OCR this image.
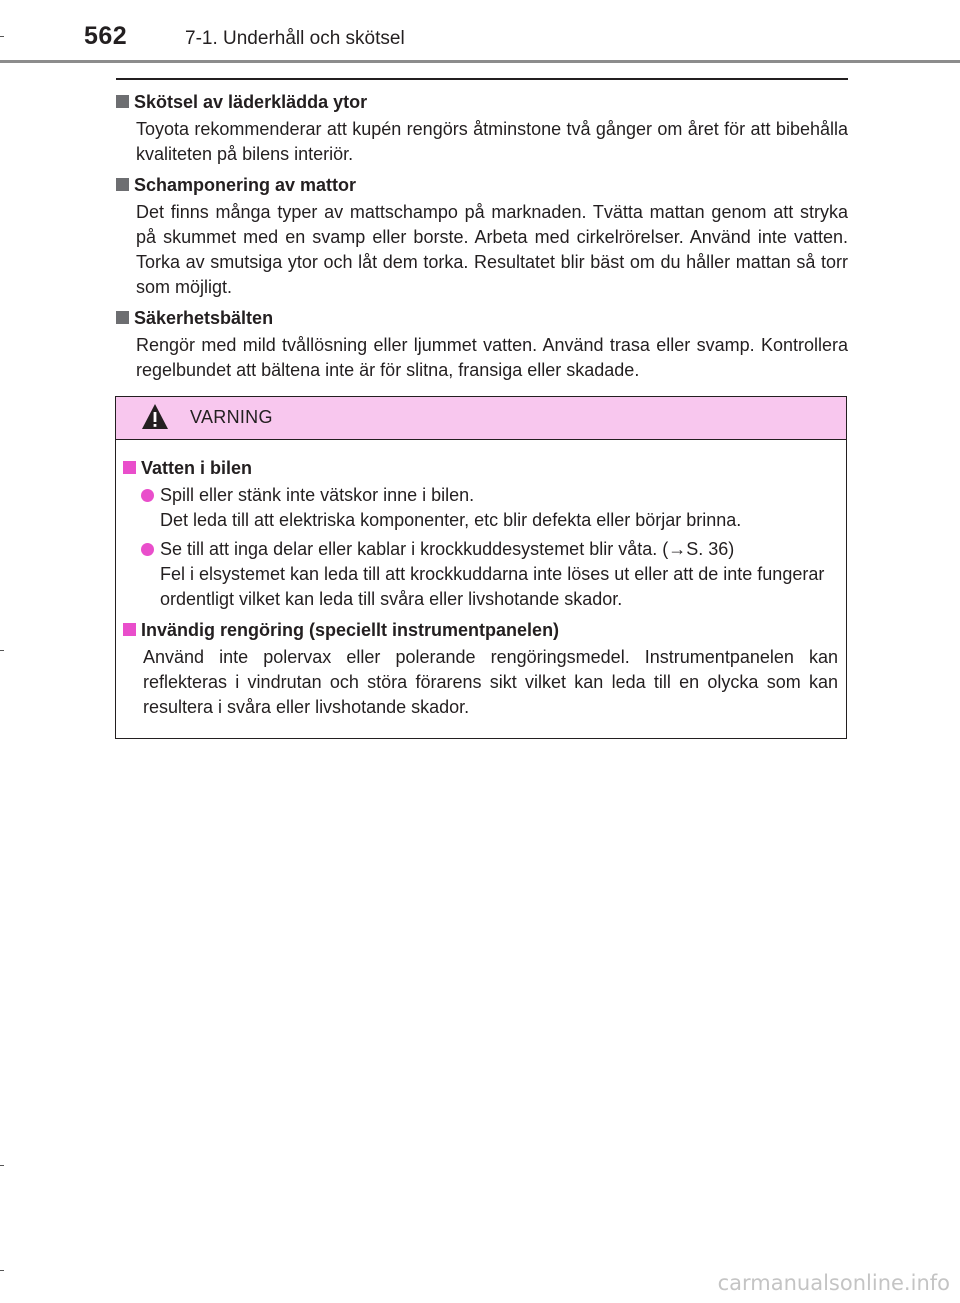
562	7-1. Underhåll och skötsel
Skötsel av läderklädda ytor
Toyota rekommenderar att kupén rengörs åtminstone två gånger om året för att bibehålla kvaliteten på bilens interiör.
Schamponering av mattor
Det finns många typer av mattschampo på marknaden. Tvätta mattan genom att stryka på skummet med en svamp eller borste. Arbeta med cirkelrörelser. Använd inte vatten. Torka av smutsiga ytor och låt dem torka. Resultatet blir bäst om du håller mattan så torr som möjligt.
Säkerhetsbälten
Rengör med mild tvållösning eller ljummet vatten. Använd trasa eller svamp. Kontrollera regelbundet att bältena inte är för slitna, fransiga eller skadade.
VARNING
Vatten i bilen
Spill eller stänk inte vätskor inne i bilen.
Det leda till att elektriska komponenter, etc blir defekta eller börjar brinna.
Se till att inga delar eller kablar i krockkuddesystemet blir våta. (→S. 36)
Fel i elsystemet kan leda till att krockkuddarna inte löses ut eller att de inte fungerar ordentligt vilket kan leda till svåra eller livshotande skador.
Invändig rengöring (speciellt instrumentpanelen)
Använd inte polervax eller polerande rengöringsmedel. Instrumentpanelen kan reflekteras i vindrutan och störa förarens sikt vilket kan leda till en olycka som kan resultera i svåra eller livshotande skador.
carmanualsonline.info
